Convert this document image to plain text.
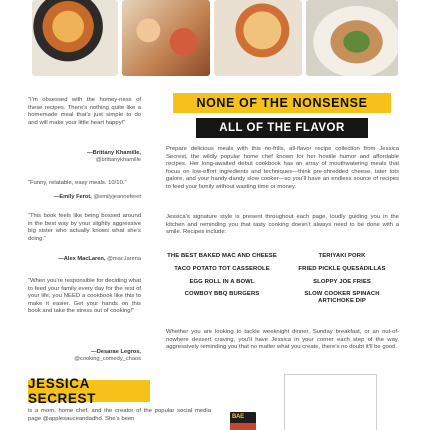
“I’m obsessed with the homey-ness of these recipes. There’s nothing quite like a homemade meal that’s just simple to do and will make your little heart happy!”
—Brittany Khamille,
@brittanykhamille
“Funny, relatable, easy meals. 10/10.”
—Emily Ferot, @emilyjeanneferet
“This book feels like being bossed around in the best way by your slightly aggressive big sister who actually knows what she’s doing.”
—Alex MacLaren, @mac.larena
“When you’re responsible for deciding what to feed your family every day for the rest of your life, you NEED a cookbook like this to make it easier. Get your hands on this book and take the stress out of cooking!”
—Desarae Legros,
@cooking_comedy_chaos
NONE OF THE NONSENSE
ALL OF THE FLAVOR
Prepare delicious meals with this no-frills, all-flavor recipe collection from Jessica Secrest, the wildly popular home chef known for her hostile humor and affordable recipes. Her long-awaited debut cookbook has an array of mouthwatering meals that focus on low-effort ingredients and techniques—think pre-shredded cheese, tater tots galore, and your handy-dandy slow cooker—so you’ll have an endless source of recipes to feed your family without wasting time or money.
Jessica’s signature style is present throughout each page, loudly guiding you in the kitchen and reminding you that tasty cooking doesn’t always need to be done with a smile. Recipes include:
THE BEST BAKED MAC AND CHEESE
TACO POTATO TOT CASSEROLE
EGG ROLL IN A BOWL
COWBOY BBQ BURGERS
TERIYAKI PORK
FRIED PICKLE QUESADILLAS
SLOPPY JOE FRIES
SLOW COOKER SPINACH ARTICHOKE DIP
Whether you are looking to tackle weeknight dinner, Sunday breakfast, or an out-of-nowhere dessert craving, you’ll have Jessica in your corner each step of the way, aggressively reminding you that no matter what you create, there’s no doubt it’ll be good.
JESSICA SECREST
is a mom, home chef, and the creator of the popular social media page @applesauceandadhd. She’s been	BAE
